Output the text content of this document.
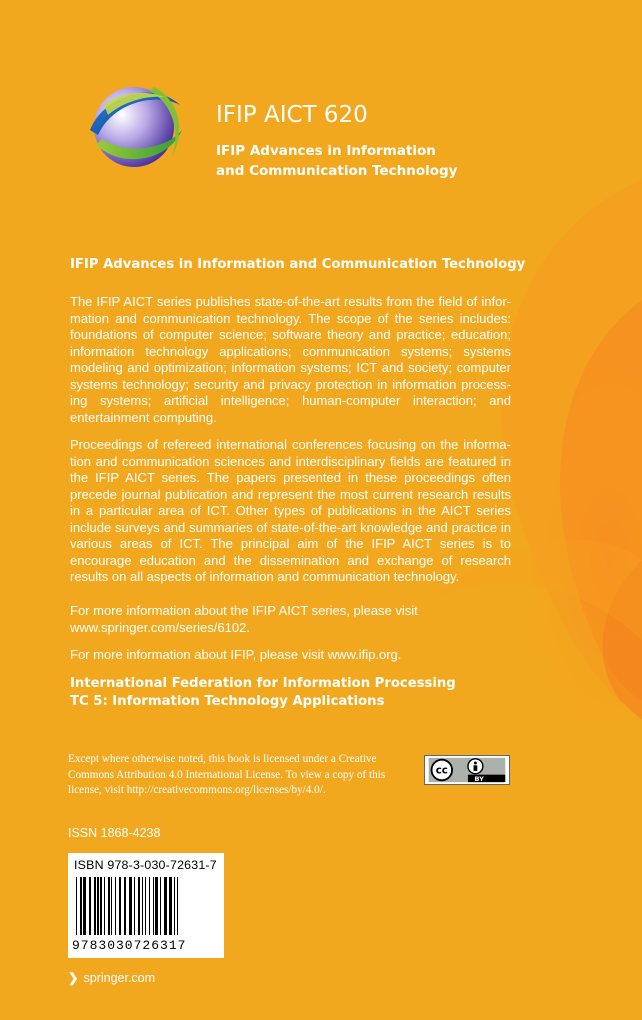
IFIP AICT 620
IFIP Advances in Information
and Communication Technology
IFIP Advances in Information and Communication Technology
The IFIP AICT series publishes state-of-the-art results from the field of information and communication technology. The scope of the series includes: foundations of computer science; software theory and practice; education; information technology applications; communication systems; systems modeling and optimization; information systems; ICT and society; computer systems technology; security and privacy protection in information processing systems; artificial intelligence; human-computer interaction; and entertainment computing.
Proceedings of refereed international conferences focusing on the information and communication sciences and interdisciplinary fields are featured in the IFIP AICT series. The papers presented in these proceedings often precede journal publication and represent the most current research results in a particular area of ICT. Other types of publications in the AICT series include surveys and summaries of state-of-the-art knowledge and practice in various areas of ICT. The principal aim of the IFIP AICT series is to encourage education and the dissemination and exchange of research results on all aspects of information and communication technology.
For more information about the IFIP AICT series, please visit
www.springer.com/series/6102.
For more information about IFIP, please visit www.ifip.org.
International Federation for Information Processing
TC 5: Information Technology Applications
Except where otherwise noted, this book is licensed under a Creative Commons Attribution 4.0 International License. To view a copy of this license, visit http://creativecommons.org/licenses/by/4.0/.
cc
BY
ISSN 1868-4238
ISBN 978-3-030-72631-7
9783030726317
❯ springer.com
